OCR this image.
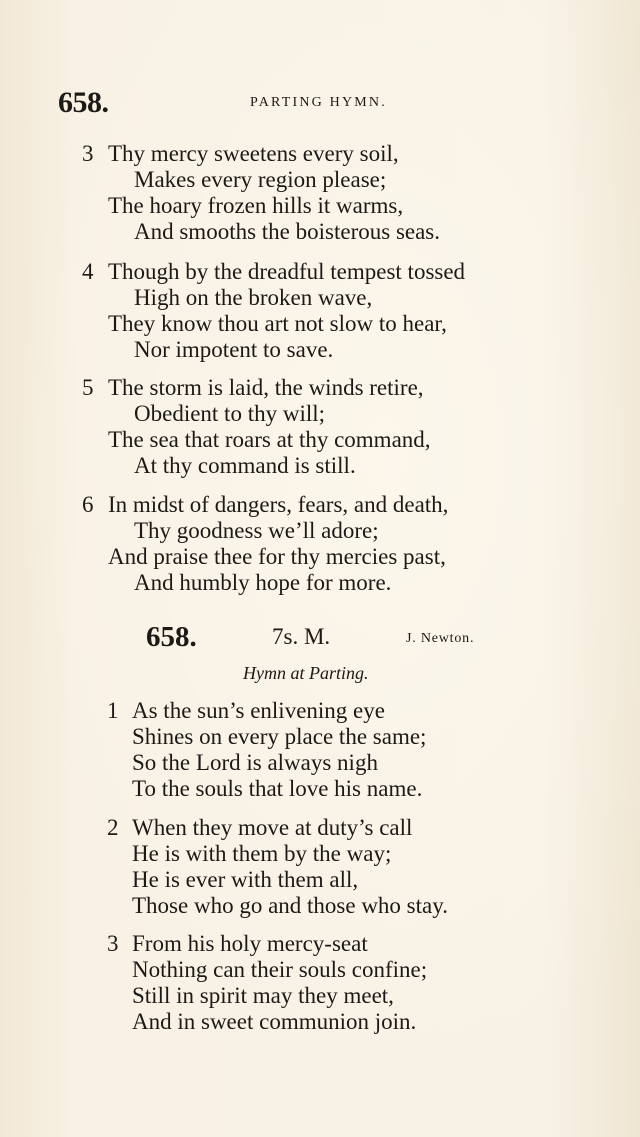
658.	PARTING HYMN.
3 Thy mercy sweetens every soil,
Makes every region please;
The hoary frozen hills it warms,
And smooths the boisterous seas.
4 Though by the dreadful tempest tossed
High on the broken wave,
They know thou art not slow to hear,
Nor impotent to save.
5 The storm is laid, the winds retire,
Obedient to thy will;
The sea that roars at thy command,
At thy command is still.
6 In midst of dangers, fears, and death,
Thy goodness we’ll adore;
And praise thee for thy mercies past,
And humbly hope for more.
658.	7s. M.	J. Newton.
Hymn at Parting.
1 As the sun’s enlivening eye
Shines on every place the same;
So the Lord is always nigh
To the souls that love his name.
2 When they move at duty’s call
He is with them by the way;
He is ever with them all,
Those who go and those who stay.
3 From his holy mercy-seat
Nothing can their souls confine;
Still in spirit may they meet,
And in sweet communion join.
